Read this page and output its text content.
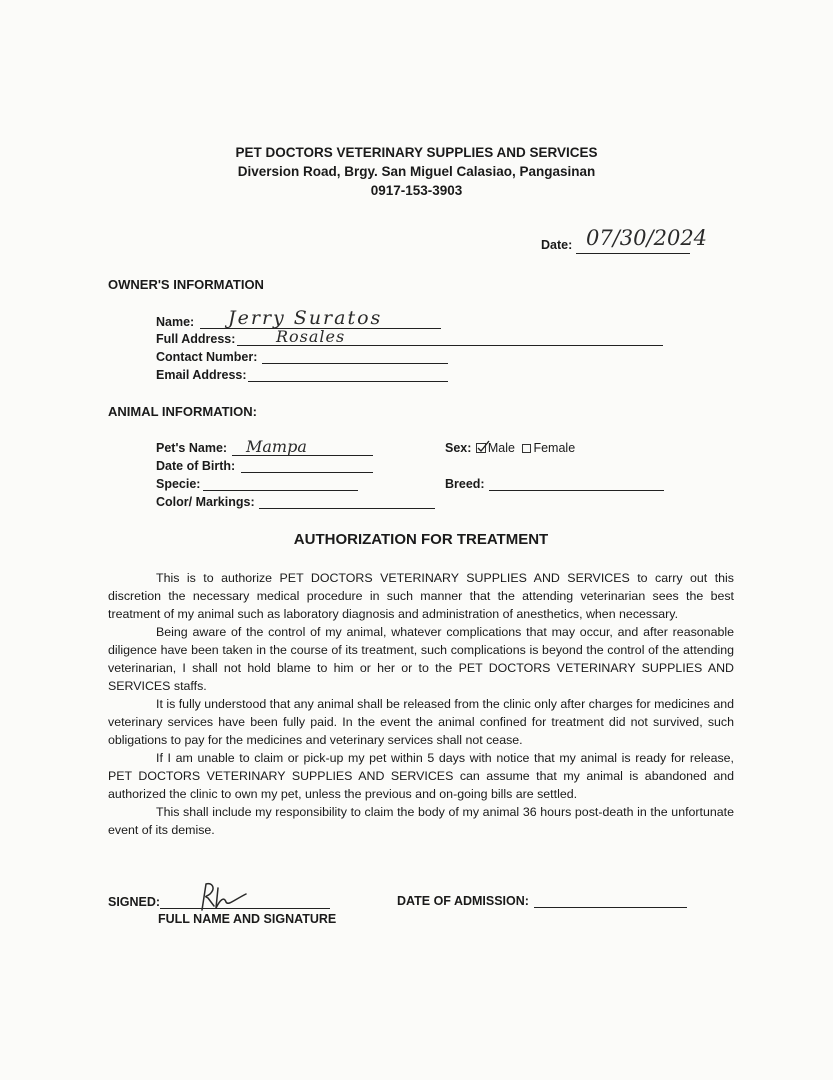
PET DOCTORS VETERINARY SUPPLIES AND SERVICES
Diversion Road, Brgy. San Miguel Calasiao, Pangasinan
0917-153-3903
Date: 07/30/2024
OWNER'S INFORMATION
Name: Jerry Suratos
Full Address:	Rosales
Contact Number:
Email Address:
ANIMAL INFORMATION:
Pet's Name: Mampa
Date of Birth:
Specie:
Color/ Markings:
Sex: Male Female
Breed:
AUTHORIZATION FOR TREATMENT

This is to authorize PET DOCTORS VETERINARY SUPPLIES AND SERVICES to carry out this discretion the necessary medical procedure in such manner that the attending veterinarian sees the best treatment of my animal such as laboratory diagnosis and administration of anesthetics, when necessary.

Being aware of the control of my animal, whatever complications that may occur, and after reasonable diligence have been taken in the course of its treatment, such complications is beyond the control of the attending veterinarian, I shall not hold blame to him or her or to the PET DOCTORS VETERINARY SUPPLIES AND SERVICES staffs.

It is fully understood that any animal shall be released from the clinic only after charges for medicines and veterinary services have been fully paid. In the event the animal confined for treatment did not survived, such obligations to pay for the medicines and veterinary services shall not cease.

If I am unable to claim or pick-up my pet within 5 days with notice that my animal is ready for release, PET DOCTORS VETERINARY SUPPLIES AND SERVICES can assume that my animal is abandoned and authorized the clinic to own my pet, unless the previous and on-going bills are settled.

This shall include my responsibility to claim the body of my animal 36 hours post-death in the unfortunate event of its demise.

SIGNED:
FULL NAME AND SIGNATURE
DATE OF ADMISSION:
